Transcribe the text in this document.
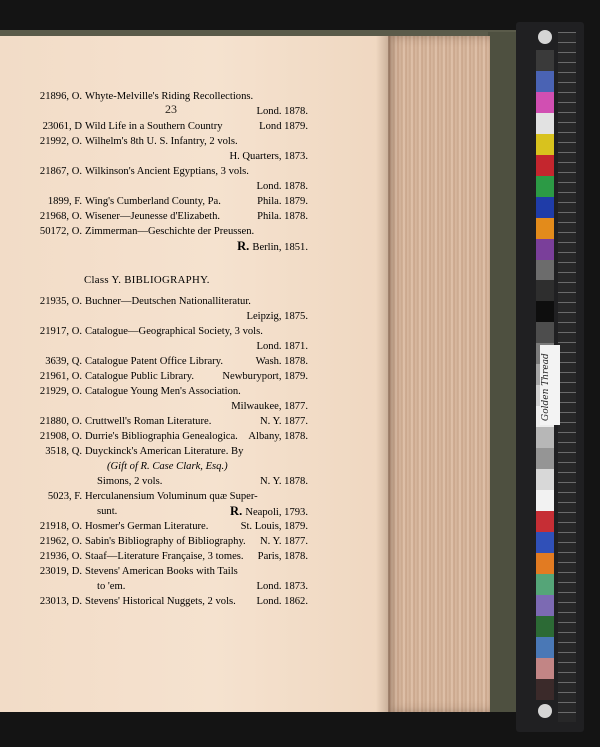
23
21896, O. Whyte-Melville's Riding Recollections.
Lond. 1878.
23061, D Wild Life in a Southern Country	Lond 1879.
21992, O. Wilhelm's 8th U. S. Infantry, 2 vols.
H. Quarters, 1873.
21867, O. Wilkinson's Ancient Egyptians, 3 vols.
Lond. 1878.
1899, F. Wing's Cumberland County, Pa.	Phila. 1879.
21968, O. Wisener—Jeunesse d'Elizabeth.	Phila. 1878.
50172, O. Zimmerman—Geschichte der Preussen.
R. Berlin, 1851.
Class Y. BIBLIOGRAPHY.
21935, O. Buchner—Deutschen Nationalliteratur.
Leipzig, 1875.
21917, O. Catalogue—Geographical Society, 3 vols.
Lond. 1871.
3639, Q. Catalogue Patent Office Library.	Wash. 1878.
21961, O. Catalogue Public Library.	Newburyport, 1879.
21929, O. Catalogue Young Men's Association.
Milwaukee, 1877.
21880, O. Cruttwell's Roman Literature.	N. Y. 1877.
21908, O. Durrie's Bibliographia Genealogica. Albany, 1878.
3518, Q. Duyckinck's American Literature. By
(Gift of R. Case Clark, Esq.)
Simons, 2 vols.	N. Y. 1878.
5023, F. Herculanensium Voluminum quæ Super-
sunt.	R. Neapoli, 1793.
21918, O. Hosmer's German Literature.	St. Louis, 1879.
21962, O. Sabin's Bibliography of Bibliography. N. Y. 1877.
21936, O. Staaf—Literature Française, 3 tomes. Paris, 1878.
23019, D. Stevens' American Books with Tails
to 'em.	Lond. 1873.
23013, D. Stevens' Historical Nuggets, 2 vols. Lond. 1862.
Golden Thread
